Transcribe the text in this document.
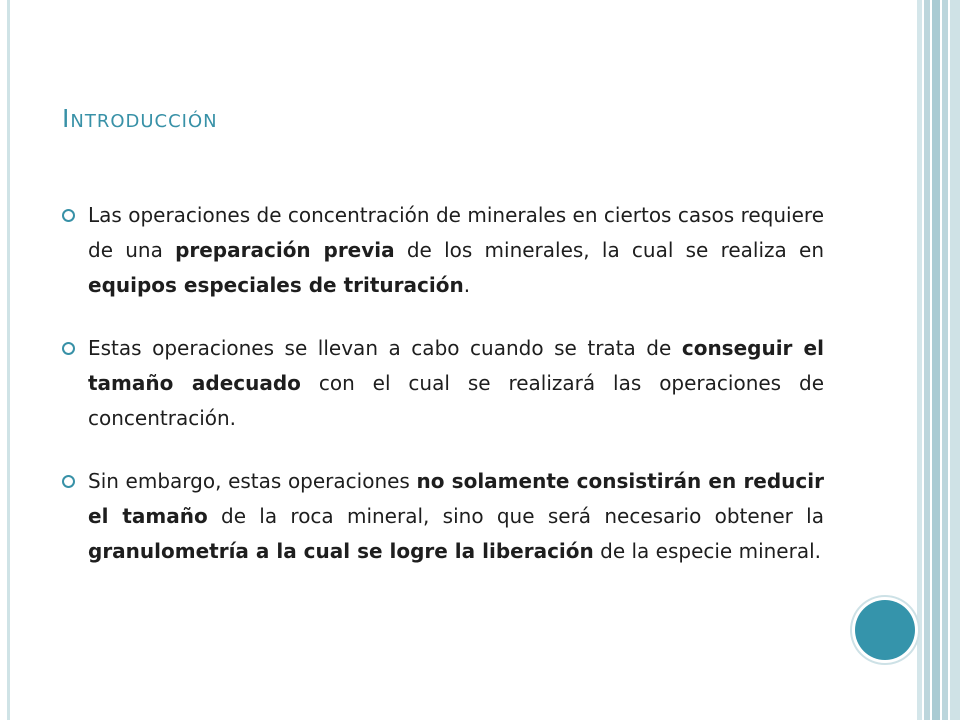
Introducción
Las operaciones de concentración de minerales en ciertos casos requiere de una preparación previa de los minerales, la cual se realiza en equipos especiales de trituración.
Estas operaciones se llevan a cabo cuando se trata de conseguir el tamaño adecuado con el cual se realizará las operaciones de concentración.
Sin embargo, estas operaciones no solamente consistirán en reducir el tamaño de la roca mineral, sino que será necesario obtener la granulometría a la cual se logre la liberación de la especie mineral.
